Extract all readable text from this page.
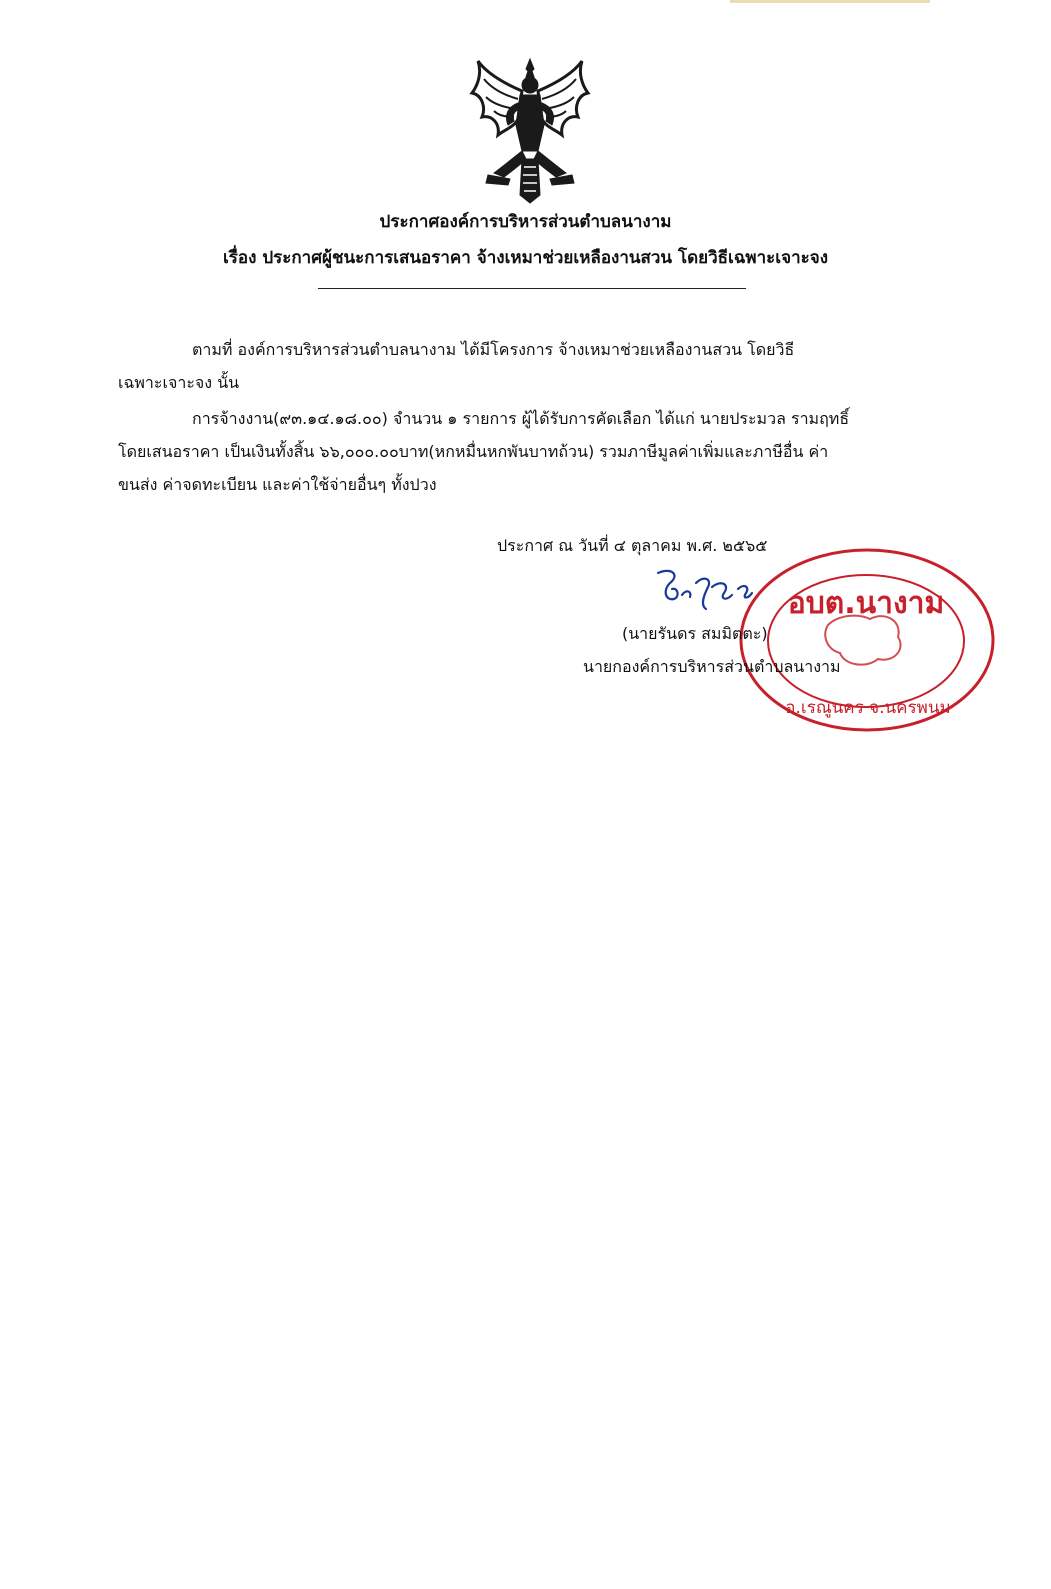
ประกาศองค์การบริหารส่วนตำบลนางาม
เรื่อง ประกาศผู้ชนะการเสนอราคา จ้างเหมาช่วยเหลืองานสวน โดยวิธีเฉพาะเจาะจง
ตามที่ องค์การบริหารส่วนตำบลนางาม ได้มีโครงการ จ้างเหมาช่วยเหลืองานสวน โดยวิธี
เฉพาะเจาะจง นั้น
การจ้างงาน(๙๓.๑๔.๑๘.๐๐) จำนวน ๑ รายการ ผู้ได้รับการคัดเลือก ได้แก่ นายประมวล รามฤทธิ์
โดยเสนอราคา เป็นเงินทั้งสิ้น ๖๖,๐๐๐.๐๐บาท(หกหมื่นหกพันบาทถ้วน) รวมภาษีมูลค่าเพิ่มและภาษีอื่น ค่า
ขนส่ง ค่าจดทะเบียน และค่าใช้จ่ายอื่นๆ ทั้งปวง
ประกาศ ณ วันที่ ๔ ตุลาคม พ.ศ. ๒๕๖๕
อบต.นางาม
อ.เรณูนคร จ.นครพนม
(นายรันดร สมมิตตะ)
นายกองค์การบริหารส่วนตำบลนางาม
